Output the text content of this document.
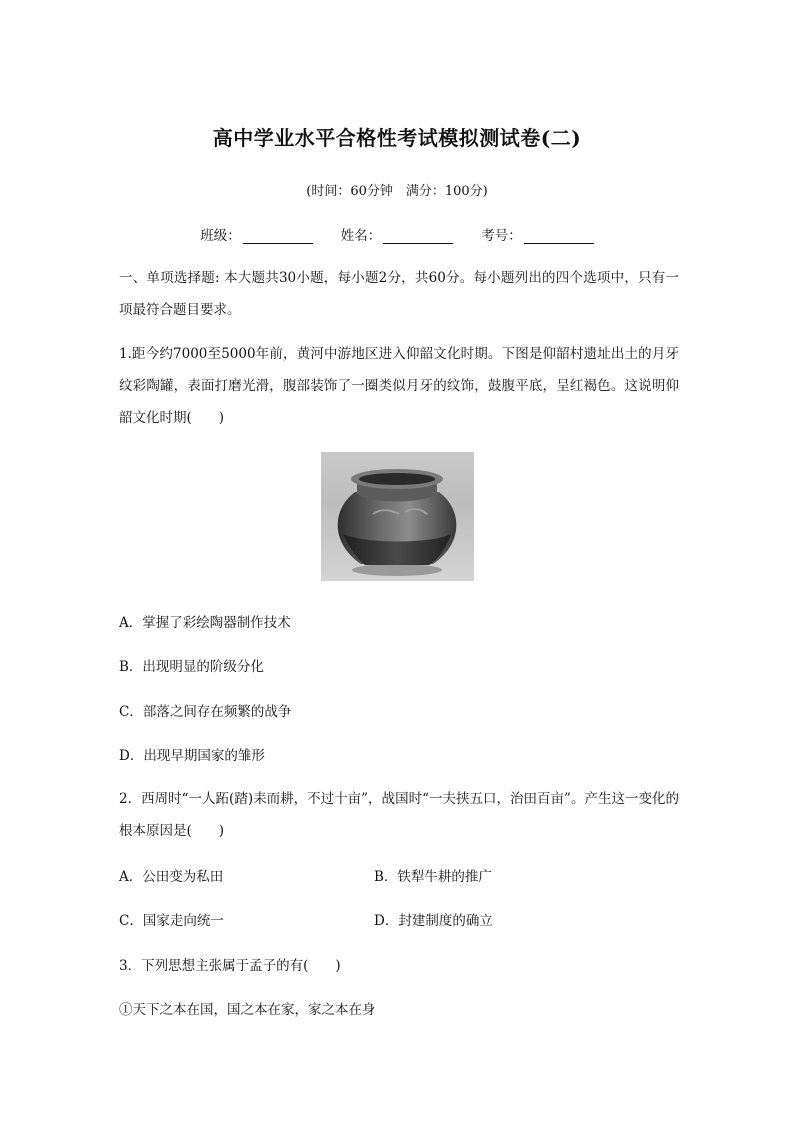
高中学业水平合格性考试模拟测试卷(二)
(时间：60分钟　满分：100分)
班级：	姓名：	考号：
一、单项选择题: 本大题共30小题，每小题2分，共60分。每小题列出的四个选项中，只有一项最符合题目要求。
1.距今约7000至5000年前，黄河中游地区进入仰韶文化时期。下图是仰韶村遗址出土的月牙纹彩陶罐，表面打磨光滑，腹部装饰了一圈类似月牙的纹饰，鼓腹平底，呈红褐色。这说明仰韶文化时期(　　)
A．掌握了彩绘陶器制作技术
B．出现明显的阶级分化
C．部落之间存在频繁的战争
D．出现早期国家的雏形
2．西周时“一人跖(踏)耒而耕，不过十亩”，战国时“一夫挟五口，治田百亩”。产生这一变化的根本原因是(　　)
A．公田变为私田	B．铁犁牛耕的推广
C．国家走向统一	D．封建制度的确立
3．下列思想主张属于孟子的有(　　)
①天下之本在国，国之本在家，家之本在身
